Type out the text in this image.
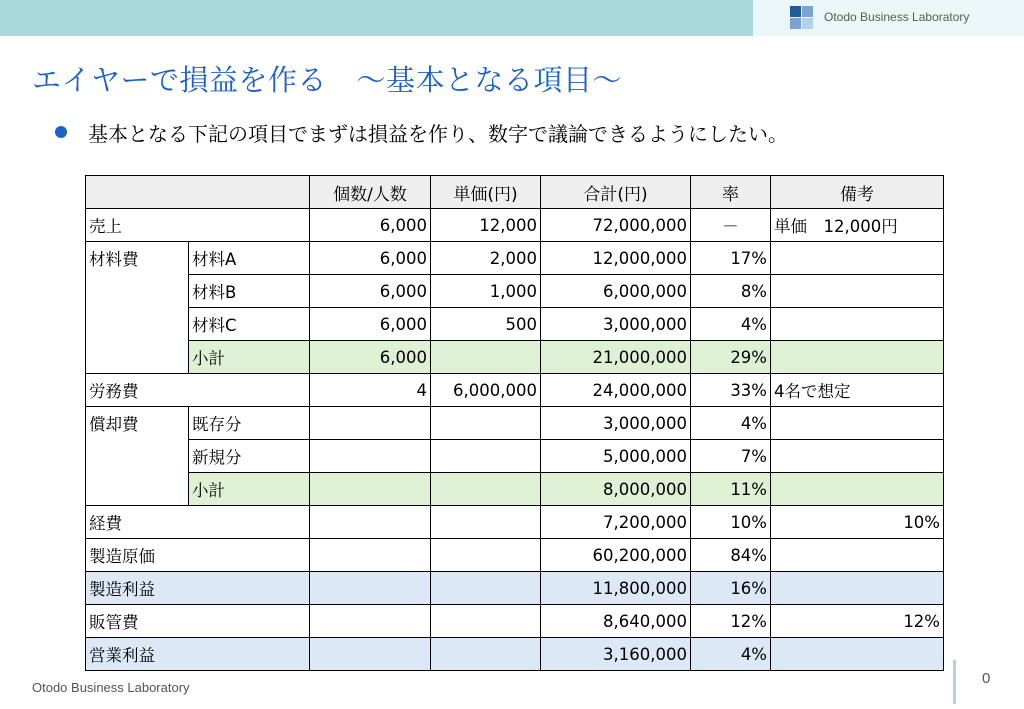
Otodo Business Laboratory
エイヤーで損益を作る　～基本となる項目～
基本となる下記の項目でまずは損益を作り、数字で議論できるようにしたい。
		個数/人数	単価(円)	合計(円)	率	備考
売上		6,000	12,000	72,000,000	－	単価　12,000円
材料費	材料A	6,000	2,000	12,000,000	17%	
	材料B	6,000	1,000	6,000,000	8%	
	材料C	6,000	500	3,000,000	4%	
	小計	6,000		21,000,000	29%	
労務費		4	6,000,000	24,000,000	33%	4名で想定
償却費	既存分			3,000,000	4%	
	新規分			5,000,000	7%	
	小計			8,000,000	11%	
経費				7,200,000	10%	10%
製造原価				60,200,000	84%	
製造利益				11,800,000	16%	
販管費				8,640,000	12%	12%
営業利益				3,160,000	4%	
Otodo Business Laboratory
0
